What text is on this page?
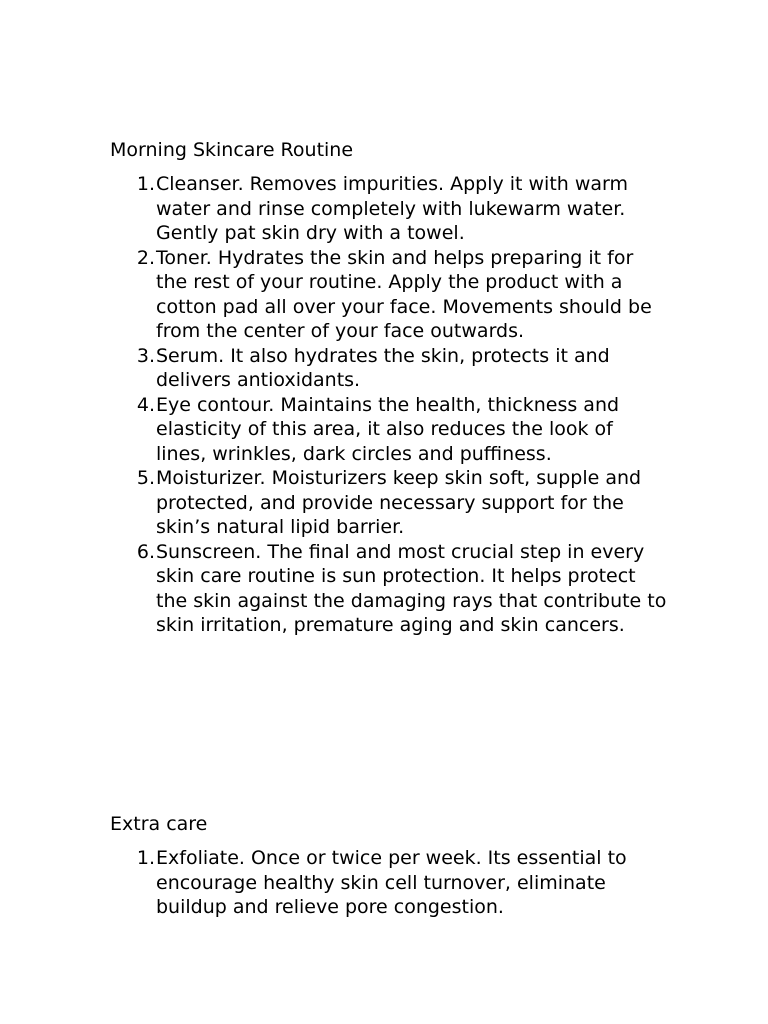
Morning Skincare Routine
1. Cleanser. Removes impurities. Apply it with warm water and rinse completely with lukewarm water. Gently pat skin dry with a towel.
2. Toner. Hydrates the skin and helps preparing it for the rest of your routine. Apply the product with a cotton pad all over your face. Movements should be from the center of your face outwards.
3. Serum. It also hydrates the skin, protects it and delivers antioxidants.
4. Eye contour. Maintains the health, thickness and elasticity of this area, it also reduces the look of lines, wrinkles, dark circles and puffiness.
5. Moisturizer. Moisturizers keep skin soft, supple and protected, and provide necessary support for the skin’s natural lipid barrier.
6. Sunscreen. The final and most crucial step in every skin care routine is sun protection. It helps protect the skin against the damaging rays that contribute to skin irritation, premature aging and skin cancers.
Extra care
1. Exfoliate. Once or twice per week. Its essential to encourage healthy skin cell turnover, eliminate buildup and relieve pore congestion.
